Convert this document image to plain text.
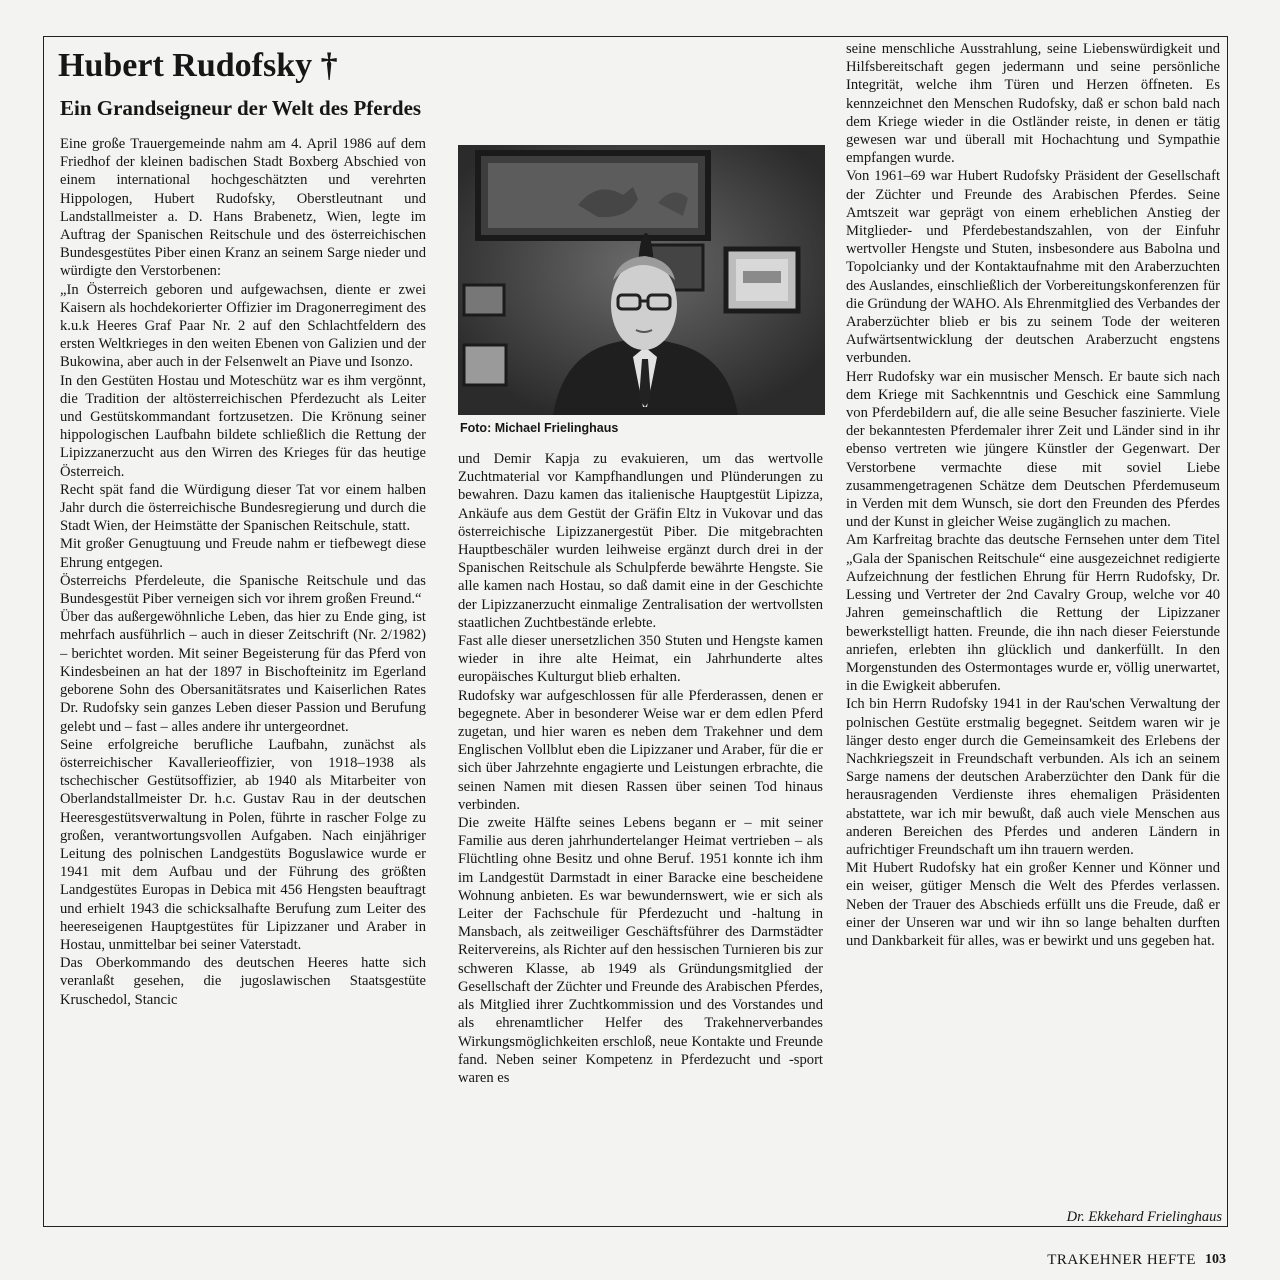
Hubert Rudofsky †
Ein Grandseigneur der Welt des Pferdes

Eine große Trauergemeinde nahm am 4. April 1986 auf dem Friedhof der kleinen badischen Stadt Boxberg Abschied von einem international hochgeschätzten und verehrten Hippologen, Hubert Rudofsky, Oberstleutnant und Landstallmeister a. D. Hans Brabenetz, Wien, legte im Auftrag der Spanischen Reitschule und des österreichischen Bundesgestütes Piber einen Kranz an seinem Sarge nieder und würdigte den Verstorbenen:

„In Österreich geboren und aufgewachsen, diente er zwei Kaisern als hochdekorierter Offizier im Dragonerregiment des k.u.k Heeres Graf Paar Nr. 2 auf den Schlachtfeldern des ersten Weltkrieges in den weiten Ebenen von Galizien und der Bukowina, aber auch in der Felsenwelt an Piave und Isonzo.

In den Gestüten Hostau und Moteschütz war es ihm vergönnt, die Tradition der altösterreichischen Pferdezucht als Leiter und Gestütskommandant fortzusetzen. Die Krönung seiner hippologischen Laufbahn bildete schließlich die Rettung der Lipizzanerzucht aus den Wirren des Krieges für das heutige Österreich.

Recht spät fand die Würdigung dieser Tat vor einem halben Jahr durch die österreichische Bundesregierung und durch die Stadt Wien, der Heimstätte der Spanischen Reitschule, statt.

Mit großer Genugtuung und Freude nahm er tiefbewegt diese Ehrung entgegen.

Österreichs Pferdeleute, die Spanische Reitschule und das Bundesgestüt Piber verneigen sich vor ihrem großen Freund.“

Über das außergewöhnliche Leben, das hier zu Ende ging, ist mehrfach ausführlich – auch in dieser Zeitschrift (Nr. 2/1982) – berichtet worden. Mit seiner Begeisterung für das Pferd von Kindesbeinen an hat der 1897 in Bischofteinitz im Egerland geborene Sohn des Obersanitätsrates und Kaiserlichen Rates Dr. Rudofsky sein ganzes Leben dieser Passion und Berufung gelebt und – fast – alles andere ihr untergeordnet.

Seine erfolgreiche berufliche Laufbahn, zunächst als österreichischer Kavallerieoffizier, von 1918–1938 als tschechischer Gestütsoffizier, ab 1940 als Mitarbeiter von Oberlandstallmeister Dr. h.c. Gustav Rau in der deutschen Heeresgestütsverwaltung in Polen, führte in rascher Folge zu großen, verantwortungsvollen Aufgaben. Nach einjähriger Leitung des polnischen Landgestüts Boguslawice wurde er 1941 mit dem Aufbau und der Führung des größten Landgestütes Europas in Debica mit 456 Hengsten beauftragt und erhielt 1943 die schicksalhafte Berufung zum Leiter des heereseigenen Hauptgestütes für Lipizzaner und Araber in Hostau, unmittelbar bei seiner Vaterstadt.

Das Oberkommando des deutschen Heeres hatte sich veranlaßt gesehen, die jugoslawischen Staatsgestüte Kruschedol, Stancic

Foto: Michael Frielinghaus

und Demir Kapja zu evakuieren, um das wertvolle Zuchtmaterial vor Kampfhandlungen und Plünderungen zu bewahren. Dazu kamen das italienische Hauptgestüt Lipizza, Ankäufe aus dem Gestüt der Gräfin Eltz in Vukovar und das österreichische Lipizzanergestüt Piber. Die mitgebrachten Hauptbeschäler wurden leihweise ergänzt durch drei in der Spanischen Reitschule als Schulpferde bewährte Hengste. Sie alle kamen nach Hostau, so daß damit eine in der Geschichte der Lipizzanerzucht einmalige Zentralisation der wertvollsten staatlichen Zuchtbestände erlebte.

Fast alle dieser unersetzlichen 350 Stuten und Hengste kamen wieder in ihre alte Heimat, ein Jahrhunderte altes europäisches Kulturgut blieb erhalten.

Rudofsky war aufgeschlossen für alle Pferderassen, denen er begegnete. Aber in besonderer Weise war er dem edlen Pferd zugetan, und hier waren es neben dem Trakehner und dem Englischen Vollblut eben die Lipizzaner und Araber, für die er sich über Jahrzehnte engagierte und Leistungen erbrachte, die seinen Namen mit diesen Rassen über seinen Tod hinaus verbinden.

Die zweite Hälfte seines Lebens begann er – mit seiner Familie aus deren jahrhundertelanger Heimat vertrieben – als Flüchtling ohne Besitz und ohne Beruf. 1951 konnte ich ihm im Landgestüt Darmstadt in einer Baracke eine bescheidene Wohnung anbieten. Es war bewundernswert, wie er sich als Leiter der Fachschule für Pferdezucht und -haltung in Mansbach, als zeitweiliger Geschäftsführer des Darmstädter Reitervereins, als Richter auf den hessischen Turnieren bis zur schweren Klasse, ab 1949 als Gründungsmitglied der Gesellschaft der Züchter und Freunde des Arabischen Pferdes, als Mitglied ihrer Zuchtkommission und des Vorstandes und als ehrenamtlicher Helfer des Trakehnerverbandes Wirkungsmöglichkeiten erschloß, neue Kontakte und Freunde fand. Neben seiner Kompetenz in Pferdezucht und -sport waren es

seine menschliche Ausstrahlung, seine Liebenswürdigkeit und Hilfsbereitschaft gegen jedermann und seine persönliche Integrität, welche ihm Türen und Herzen öffneten. Es kennzeichnet den Menschen Rudofsky, daß er schon bald nach dem Kriege wieder in die Ostländer reiste, in denen er tätig gewesen war und überall mit Hochachtung und Sympathie empfangen wurde.

Von 1961–69 war Hubert Rudofsky Präsident der Gesellschaft der Züchter und Freunde des Arabischen Pferdes. Seine Amtszeit war geprägt von einem erheblichen Anstieg der Mitglieder- und Pferdebestandszahlen, von der Einfuhr wertvoller Hengste und Stuten, insbesondere aus Babolna und Topolcianky und der Kontaktaufnahme mit den Araberzuchten des Auslandes, einschließlich der Vorbereitungskonferenzen für die Gründung der WAHO. Als Ehrenmitglied des Verbandes der Araberzüchter blieb er bis zu seinem Tode der weiteren Aufwärtsentwicklung der deutschen Araberzucht engstens verbunden.

Herr Rudofsky war ein musischer Mensch. Er baute sich nach dem Kriege mit Sachkenntnis und Geschick eine Sammlung von Pferdebildern auf, die alle seine Besucher faszinierte. Viele der bekanntesten Pferdemaler ihrer Zeit und Länder sind in ihr ebenso vertreten wie jüngere Künstler der Gegenwart. Der Verstorbene vermachte diese mit soviel Liebe zusammengetragenen Schätze dem Deutschen Pferdemuseum in Verden mit dem Wunsch, sie dort den Freunden des Pferdes und der Kunst in gleicher Weise zugänglich zu machen.

Am Karfreitag brachte das deutsche Fernsehen unter dem Titel „Gala der Spanischen Reitschule“ eine ausgezeichnet redigierte Aufzeichnung der festlichen Ehrung für Herrn Rudofsky, Dr. Lessing und Vertreter der 2nd Cavalry Group, welche vor 40 Jahren gemeinschaftlich die Rettung der Lipizzaner bewerkstelligt hatten. Freunde, die ihn nach dieser Feierstunde anriefen, erlebten ihn glücklich und dankerfüllt. In den Morgenstunden des Ostermontages wurde er, völlig unerwartet, in die Ewigkeit abberufen.

Ich bin Herrn Rudofsky 1941 in der Rau'schen Verwaltung der polnischen Gestüte erstmalig begegnet. Seitdem waren wir je länger desto enger durch die Gemeinsamkeit des Erlebens der Nachkriegszeit in Freundschaft verbunden. Als ich an seinem Sarge namens der deutschen Araberzüchter den Dank für die herausragenden Verdienste ihres ehemaligen Präsidenten abstattete, war ich mir bewußt, daß auch viele Menschen aus anderen Bereichen des Pferdes und anderen Ländern in aufrichtiger Freundschaft um ihn trauern werden.

Mit Hubert Rudofsky hat ein großer Kenner und Könner und ein weiser, gütiger Mensch die Welt des Pferdes verlassen. Neben der Trauer des Abschieds erfüllt uns die Freude, daß er einer der Unseren war und wir ihn so lange behalten durften und Dankbarkeit für alles, was er bewirkt und uns gegeben hat.

Dr. Ekkehard Frielinghaus
TRAKEHNER HEFTE 103
